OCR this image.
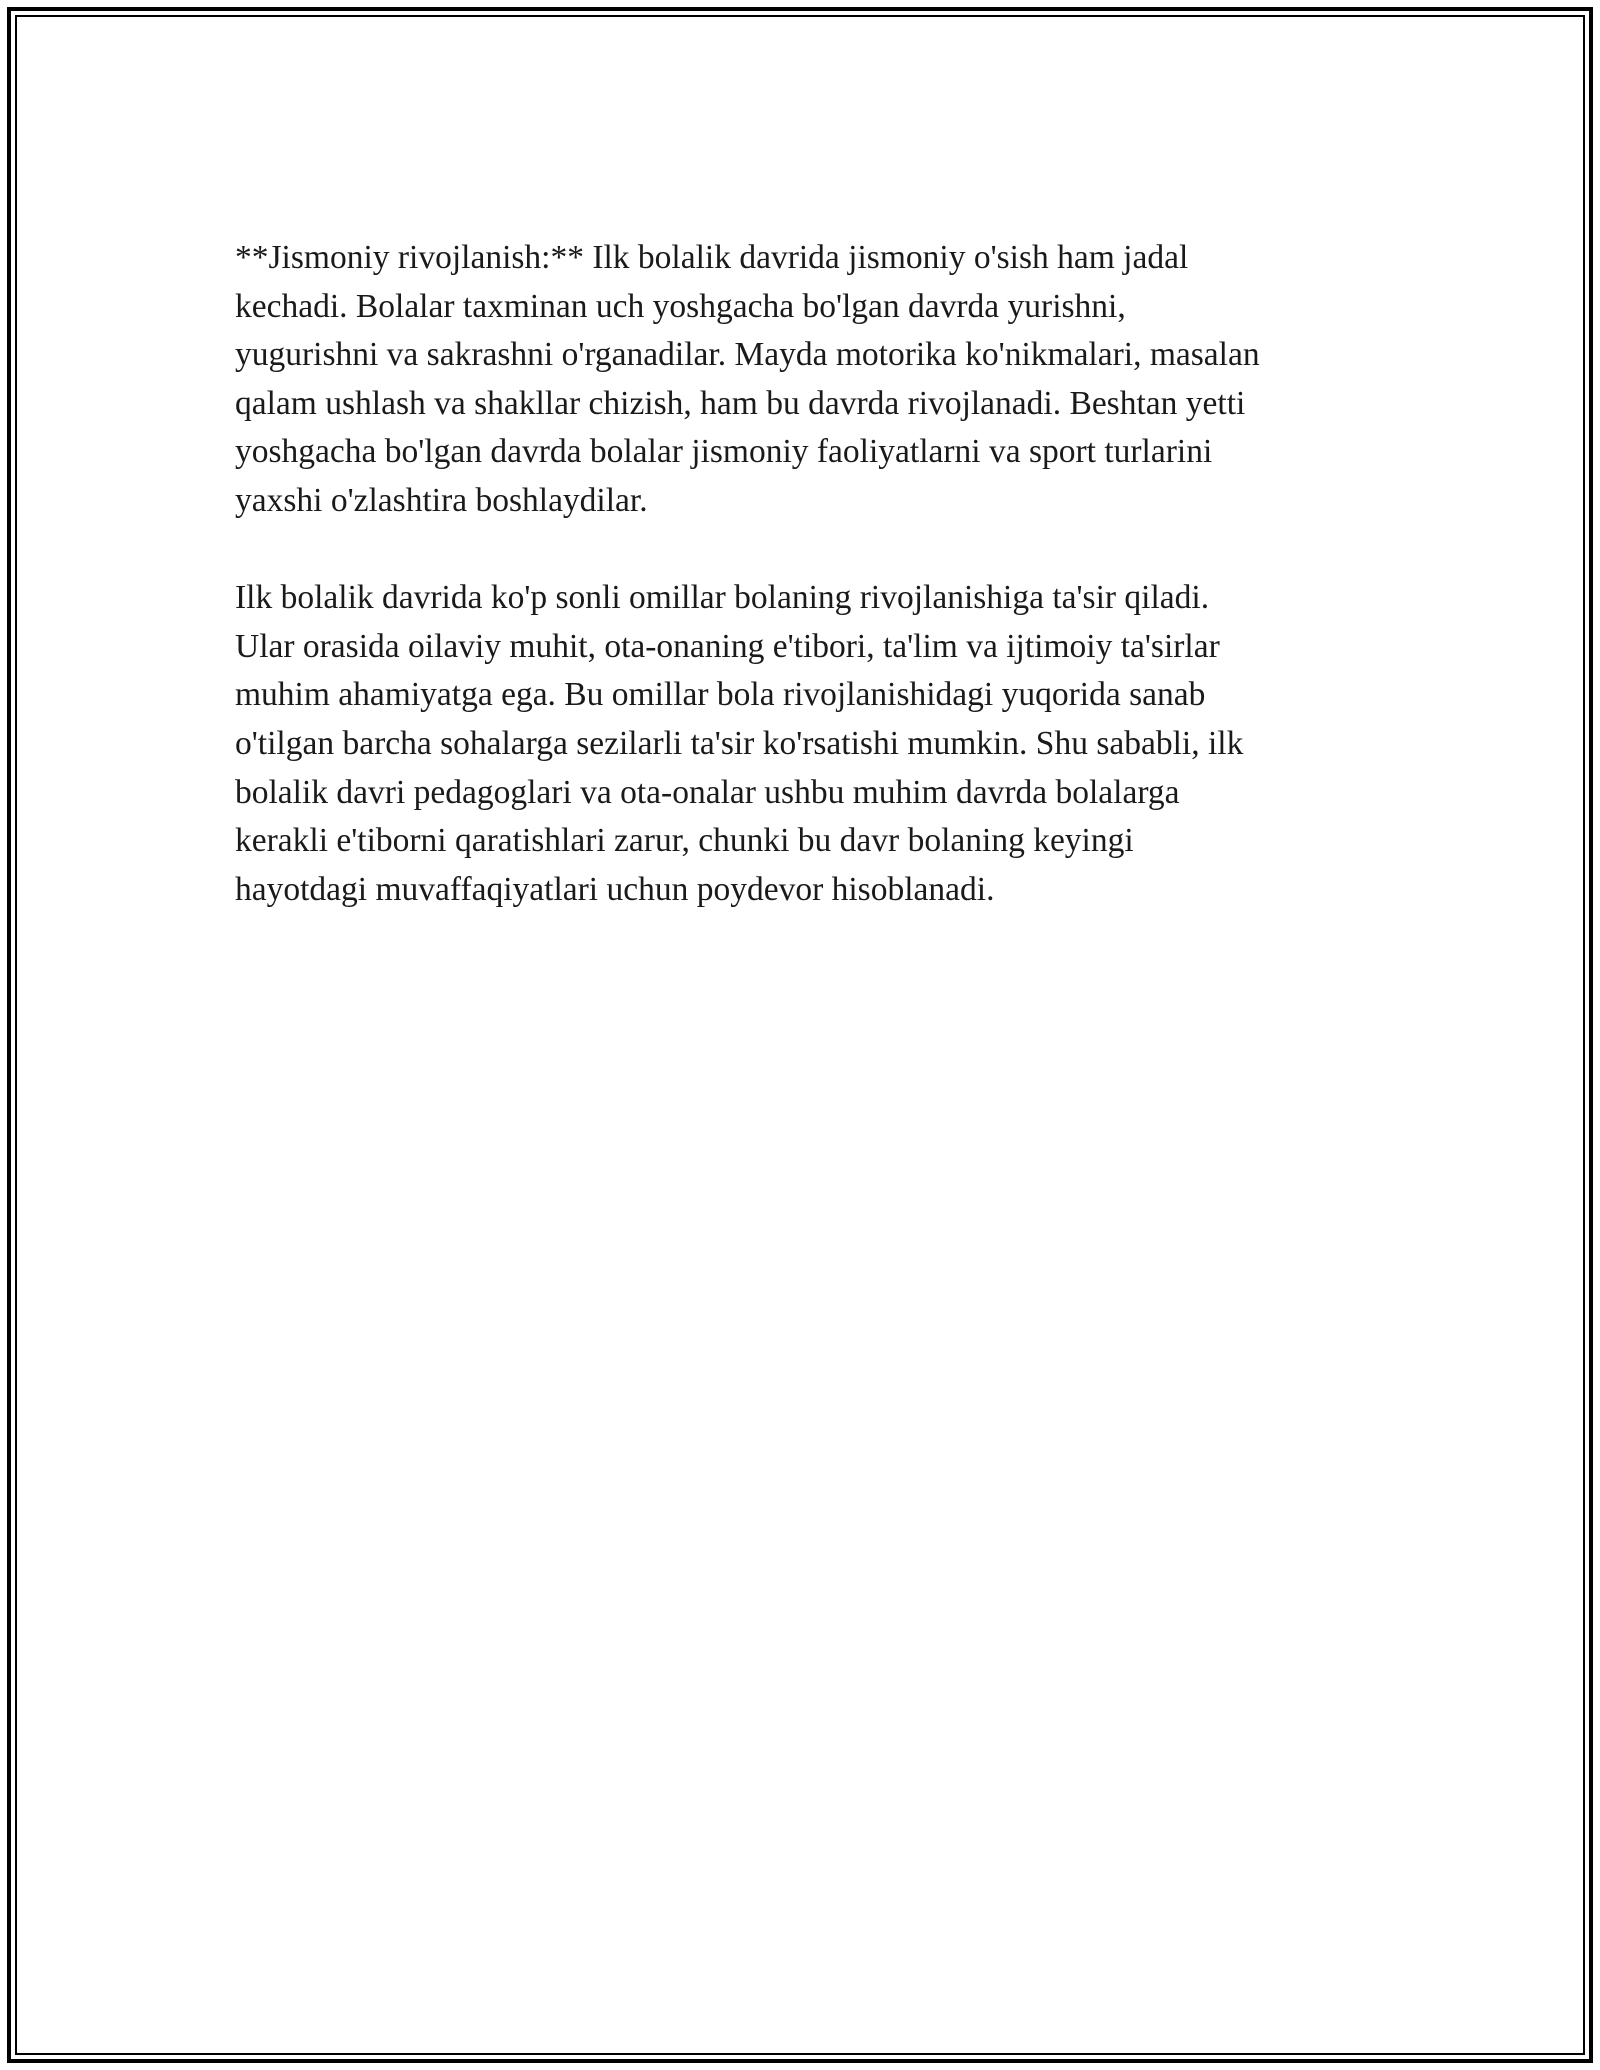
**Jismoniy rivojlanish:** Ilk bolalik davrida jismoniy o'sish ham jadal
kechadi. Bolalar taxminan uch yoshgacha bo'lgan davrda yurishni,
yugurishni va sakrashni o'rganadilar. Mayda motorika ko'nikmalari, masalan
qalam ushlash va shakllar chizish, ham bu davrda rivojlanadi. Beshtan yetti
yoshgacha bo'lgan davrda bolalar jismoniy faoliyatlarni va sport turlarini
yaxshi o'zlashtira boshlaydilar.
Ilk bolalik davrida ko'p sonli omillar bolaning rivojlanishiga ta'sir qiladi.
Ular orasida oilaviy muhit, ota-onaning e'tibori, ta'lim va ijtimoiy ta'sirlar
muhim ahamiyatga ega. Bu omillar bola rivojlanishidagi yuqorida sanab
o'tilgan barcha sohalarga sezilarli ta'sir ko'rsatishi mumkin. Shu sababli, ilk
bolalik davri pedagoglari va ota-onalar ushbu muhim davrda bolalarga
kerakli e'tiborni qaratishlari zarur, chunki bu davr bolaning keyingi
hayotdagi muvaffaqiyatlari uchun poydevor hisoblanadi.
